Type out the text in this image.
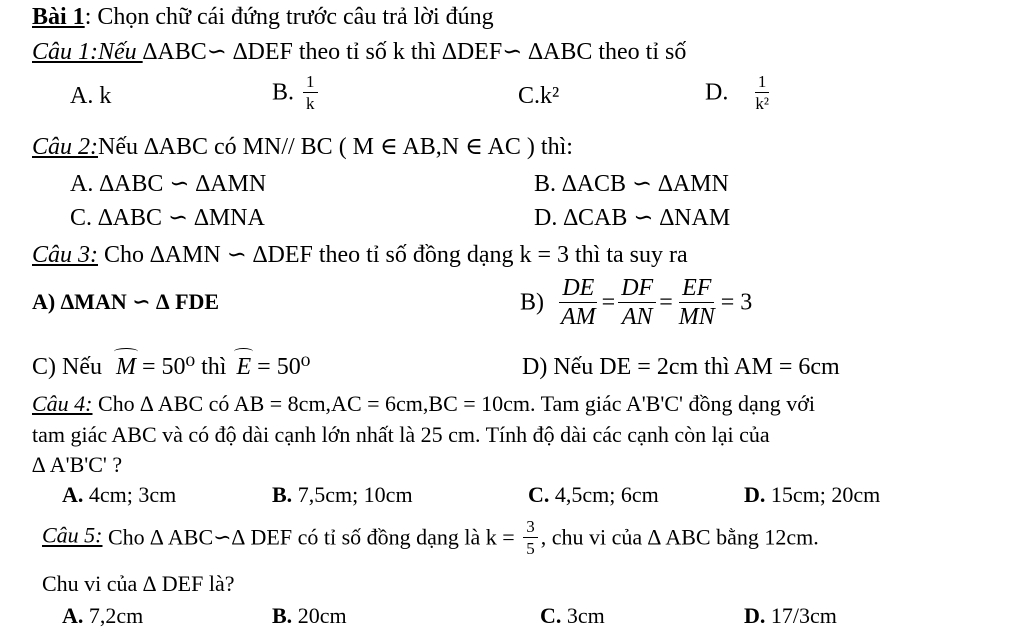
Bài 1: Chọn chữ cái đứng trước câu trả lời đúng
Câu 1:Nếu ∆ABC∽ ∆DEF theo tỉ số k thì ∆DEF∽ ∆ABC theo tỉ số
A. k	B. $\frac{1}{k}$	C.k²	D. $\frac{1}{\text{k²}}$
Câu 2:Nếu ∆ABC có MN// BC ( M ∈ AB,N ∈ AC ) thì:
A. ∆ABC ∽ ∆AMN	B. ∆ACB ∽ ∆AMN
C. ∆ABC ∽ ∆MNA	D. ∆CAB ∽ ∆NAM
Câu 3: Cho ∆AMN ∽ ∆DEF theo tỉ số đồng dạng k = 3 thì ta suy ra
A) ∆MAN ∽ ∆ FDE	$B) \frac{DE}{AM} = \frac{DF}{AN} = \frac{EF}{MN} = 3$
C) Nếu M = 50⁰ thì E = 50⁰	D) Nếu DE = 2cm thì AM = 6cm
Câu 4: Cho ∆ ABC có AB = 8cm,AC = 6cm,BC = 10cm. Tam giác A'B'C' đồng dạng với
tam giác ABC và có độ dài cạnh lớn nhất là 25 cm. Tính độ dài các cạnh còn lại của
∆ A'B'C' ?
A. 4cm; 3cm	B. 7,5cm; 10cm	C. 4,5cm; 6cm	D. 15cm; 20cm
Câu 5: Cho ∆ ABC∽∆ DEF có tỉ số đồng dạng là $k = \frac{3}{5}$ , chu vi của ∆ ABC bằng 12cm.
Chu vi của ∆ DEF là?
A. 7,2cm	B. 20cm	C. 3cm	D. 17/3cm
